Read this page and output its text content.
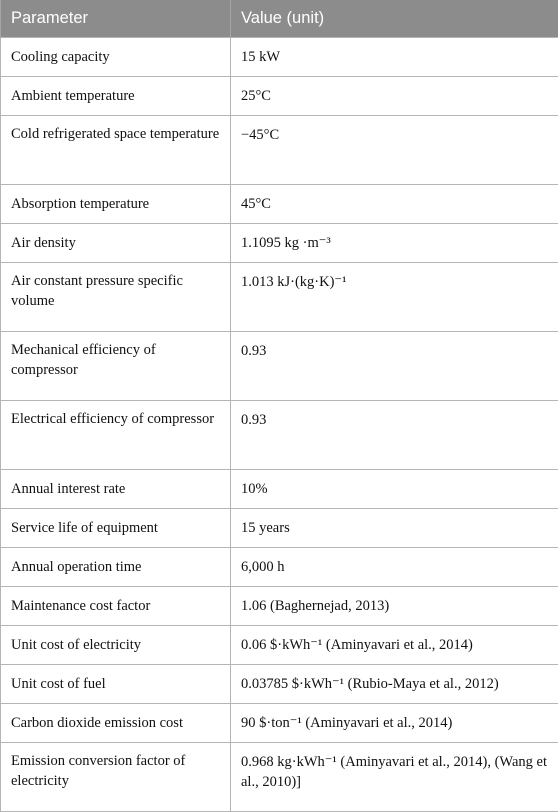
Parameter	Value (unit)
Cooling capacity	15 kW
Ambient temperature	25°C
Cold refrigerated space temperature	−45°C
Absorption temperature	45°C
Air density	1.1095 kg ·m⁻³
Air constant pressure specific volume	1.013 kJ·(kg·K)⁻¹
Mechanical efficiency of compressor	0.93
Electrical efficiency of compressor	0.93
Annual interest rate	10%
Service life of equipment	15 years
Annual operation time	6,000 h
Maintenance cost factor	1.06 (Baghernejad, 2013)
Unit cost of electricity	0.06 $·kWh⁻¹ (Aminyavari et al., 2014)
Unit cost of fuel	0.03785 $·kWh⁻¹ (Rubio-Maya et al., 2012)
Carbon dioxide emission cost	90 $·ton⁻¹ (Aminyavari et al., 2014)
Emission conversion factor of electricity	0.968 kg·kWh⁻¹ (Aminyavari et al., 2014), (Wang et al., 2010)]
